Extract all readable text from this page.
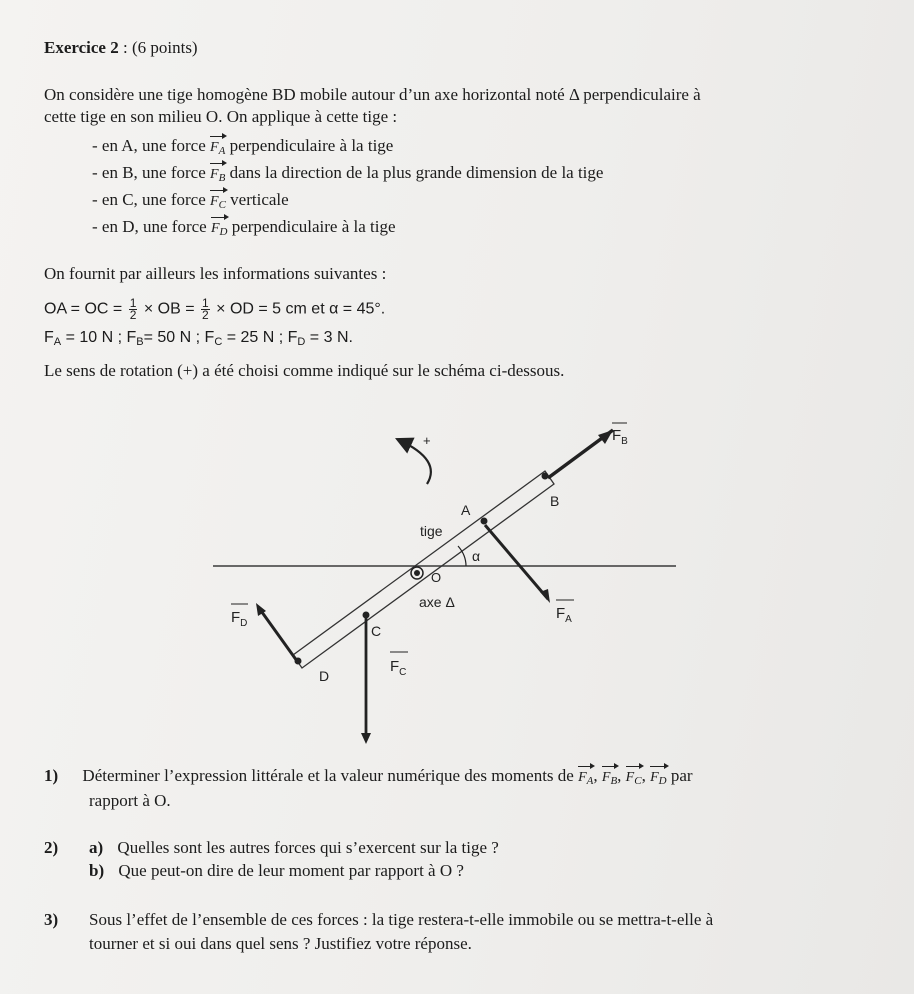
Exercice 2 : (6 points)
On considère une tige homogène BD mobile autour d’un axe horizontal noté Δ perpendiculaire à
cette tige en son milieu O. On applique à cette tige :
- en A, une force $F_A$ perpendiculaire à la tige
- en B, une force $F_B$ dans la direction de la plus grande dimension de la tige
- en C, une force $F_C$ verticale
- en D, une force $F_D$ perpendiculaire à la tige
On fournit par ailleurs les informations suivantes :
OA = OC = $\frac{1}{2}$ × OB = $\frac{1}{2}$ × OD = 5 cm et α = 45°.
$F_A = 10$ N ; $F_B= 50$ N ; $F_C = 25$ N ; $F_D = 3$ N.
Le sens de rotation (+) a été choisi comme indiqué sur le schéma ci-dessous.
+	$F_B$
A
B
tige
α
O
$F_D$
axe Δ
$F_A$
C
D
$F_C$
1) Déterminer l’expression littérale et la valeur numérique des moments de $F_A$, $F_B$, $F_C$, $F_D$ par
rapport à O.
2) a) Quelles sont les autres forces qui s’exercent sur la tige ?
b) Que peut-on dire de leur moment par rapport à O ?
3) Sous l’effet de l’ensemble de ces forces : la tige restera-t-elle immobile ou se mettra-t-elle à
tourner et si oui dans quel sens ? Justifiez votre réponse.
